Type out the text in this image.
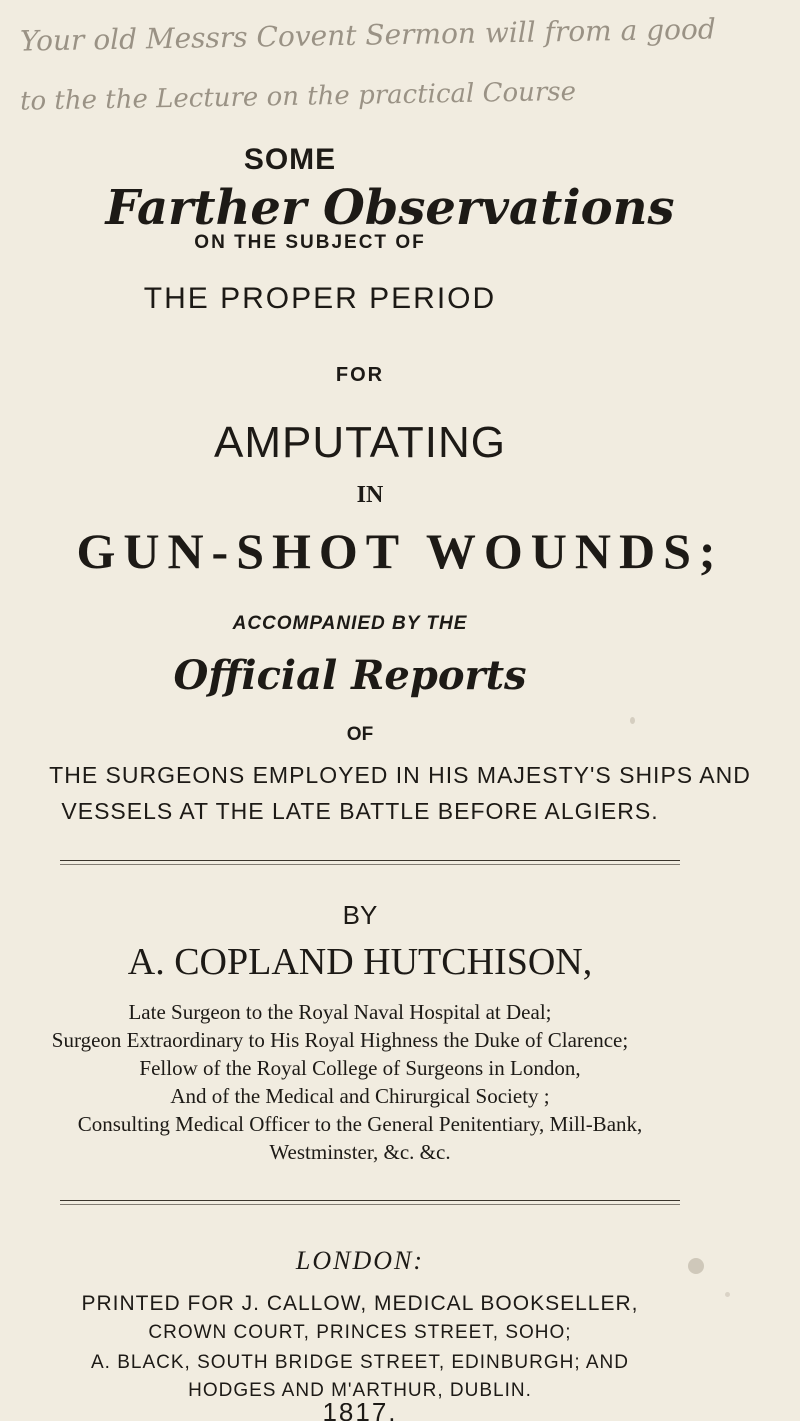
Your old Messrs Covent Sermon will from a good
to the the Lecture on the practical Course
SOME
Farther Observations
ON THE SUBJECT OF
THE PROPER PERIOD
FOR
AMPUTATING
IN
GUN-SHOT WOUNDS;
ACCOMPANIED BY THE
Official Reports
OF
THE SURGEONS EMPLOYED IN HIS MAJESTY'S SHIPS AND
VESSELS AT THE LATE BATTLE BEFORE ALGIERS.
BY
A. COPLAND HUTCHISON,
Late Surgeon to the Royal Naval Hospital at Deal;
Surgeon Extraordinary to His Royal Highness the Duke of Clarence;
Fellow of the Royal College of Surgeons in London,
And of the Medical and Chirurgical Society ;
Consulting Medical Officer to the General Penitentiary, Mill-Bank,
Westminster, &c. &c.
LONDON:
PRINTED FOR J. CALLOW, MEDICAL BOOKSELLER,
CROWN COURT, PRINCES STREET, SOHO;
A. BLACK, SOUTH BRIDGE STREET, EDINBURGH; AND
HODGES AND M'ARTHUR, DUBLIN.
1817.
